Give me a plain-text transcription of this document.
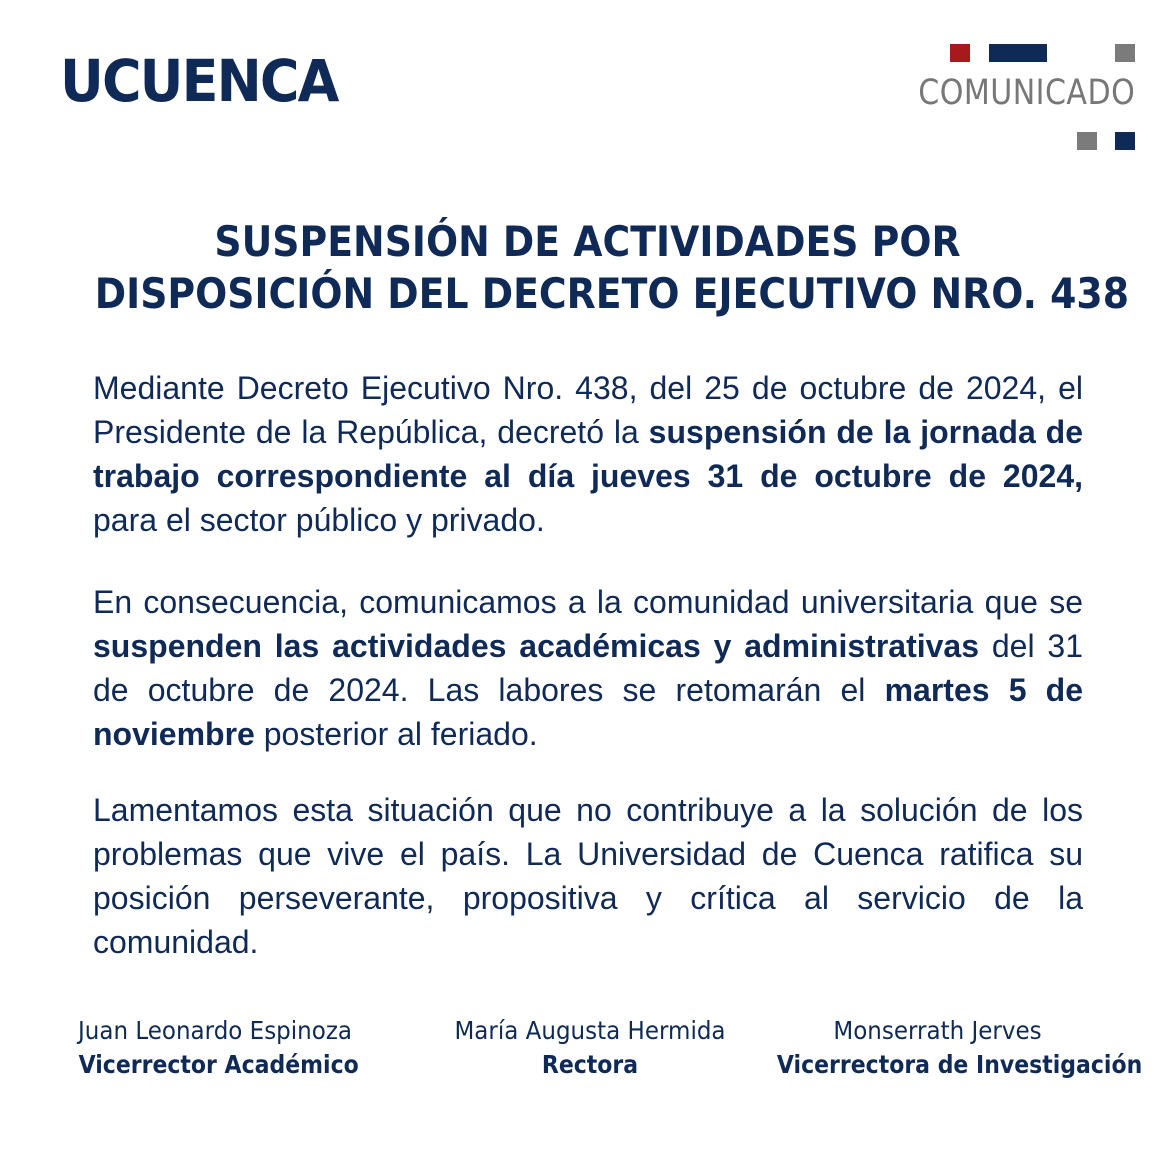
UCUENCA	COMUNICADO
SUSPENSIÓN DE ACTIVIDADES POR
DISPOSICIÓN DEL DECRETO EJECUTIVO NRO. 438
Mediante Decreto Ejecutivo Nro. 438, del 25 de octubre de 2024, el Presidente de la República, decretó la suspensión de la jornada de trabajo correspondiente al día jueves 31 de octubre de 2024, para el sector público y privado.
En consecuencia, comunicamos a la comunidad universitaria que se suspenden las actividades académicas y administrativas del 31 de octubre de 2024. Las labores se retomarán el martes 5 de noviembre posterior al feriado.
Lamentamos esta situación que no contribuye a la solución de los problemas que vive el país. La Universidad de Cuenca ratifica su posición perseverante, propositiva y crítica al servicio de la comunidad.
Juan Leonardo Espinoza
Vicerrector Académico
María Augusta Hermida
Rectora
Monserrath Jerves
Vicerrectora de Investigación
